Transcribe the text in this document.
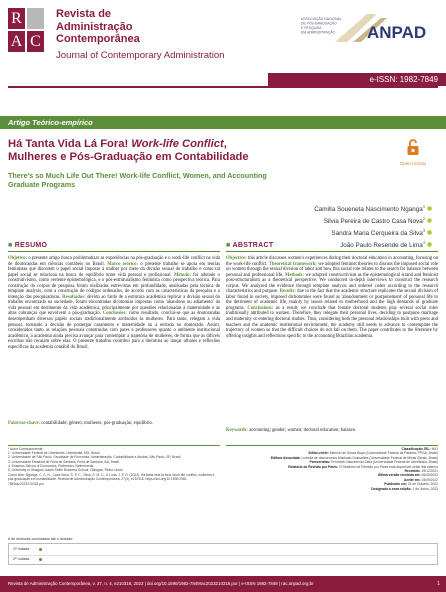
R
A C
Revista de
Administração
Contemporânea
Journal of Contemporary Administration
ASSOCIAÇÃO NACIONAL
DE PÓS-GRADUAÇÃO
E PESQUISA
EM ADMINISTRAÇÃO ANPAD
e-ISSN: 1982-7849
Artigo Teórico-empírico
Há Tanta Vida Lá Fora! Work-life Conflict,
Mulheres e Pós-Graduação em Contabilidade
Open Access
There's so Much Life Out There! Work-life Conflict, Women, and Accounting
Graduate Programs
Camilla Soueneta Nascimento Nganga$^1$
Silvia Pereira de Castro Casa Nova$^2$
Sandra Maria Cerqueira da Silva$^3$
João Paulo Resende de Lima$^4$
■ RESUMO
Objetivo: o presente artigo busca problematizar as experiências na pós-graduação e o work-life conflict na vida de doutorandas em ciências contábeis no Brasil. Marco teórico: o presente trabalho se apoia em teorias feministas que discutem o papel social imposto à mulher por meio da divisão sexual do trabalho e como tal papel social se relaciona na busca do equilíbrio entre vida pessoal e profissional. Método: foi adotado o construtivismo, como vertente epistemológica, e o pós-estruturalismo feminista como perspectiva teórica. Para construção do corpus de pesquisa foram realizadas entrevistas em profundidade, analisadas pela técnica de template analysis, com a construção de códigos ordenados, de acordo com as características da pesquisa e a intenção das pesquisadoras. Resultados: devido ao fardo de a estrutura acadêmica replicar a divisão sexual do trabalho encontrado na sociedade, foram encontradas dicotomias impostas como 'abandono ou adiamento' da vida pessoal em detrimento da vida acadêmica, principalmente por questões relacionadas à maternidade e às altas cobranças que envolvem a pós-graduação. Conclusões: como resultado, conclui-se que as doutorandas desempenham diversos papéis sociais tradicionalmente atribuídos às mulheres. Para tanto, relegam a vida pessoal, tornando a decisão de postergar casamento e maternidade ou a entrada no doutorado. Assim, considerados tanto as relações pessoais construídas com pares e professores quanto o ambiente institucional acadêmico, a academia ainda precisa avançar para contemplar a trajetória de mulheres, de forma que as difíceis escolhas não recaiam sobre elas. O presente trabalho contribui para a literatura ao lançar olhares e reflexões específicas da academia contábil do Brasil.
Palavras-chave: contabilidade; gênero; mulheres; pós-graduação; equilíbrio.
■ ABSTRACT
Objective: this article discusses women's experiences during their doctoral education in accounting, focusing on the work-life conflict. Theoretical framework: we adopted feminist theories to discuss the imposed social role on women through the sexual division of labor and how this social role relates to the search for balance between personal and professional life. Methods: we adopted constructivism as the epistemological strand and feminist post-structuralism as a theoretical perspective. We conducted in-depth interviews to construct the research corpus. We analyzed the evidence through template analysis and ordered codes according to the research characteristics and purpose. Results: due to the fact that the academic structure replicates the sexual division of labor found in society, imposed dichotomies were found as 'abandonment or postponement' of personal life to the detriment of academic life, mainly by issues related to motherhood and the high demands of graduate programs. Conclusions: as a result, we conclude that female doctoral students play several social roles traditionally attributed to women. Therefore, they relegate their personal lives, deciding to postpone marriage and maternity or entering doctoral studies. Thus, considering both the personal relationships built with peers and teachers and the academic institutional environment, the academy still needs to advance to contemplate the trajectory of women so that the difficult choices do not fall on them. The paper contributes to the literature by offering insights and reflections specific to the accounting Brazilian academia.
Keywords: accounting; gender; women; doctoral education; balance.
* Autor Correspondente.
1. Universidade Federal de Uberlândia, Uberlândia, MG, Brasil.
2. Universidade de São Paulo, Faculdade de Economia, Administração, Contabilidade e Atuária, São Paulo, SP, Brasil.
3. Universidade Estadual de Feira de Santana, Feira de Santana, BA, Brasil.
4. Erasmus School of Economics, Rotterdam, Netherlands.
5. University of Glasgow, Adam Smith Business School, Glasgow, Reino Unido.
Como citar: Nganga, C. S. N., Casa Nova, S. P. C., Silva, S. M. C., & Lima, J. P. R. (2023). Há tanta vida lá fora! Work-life conflict, mulheres e pós-graduação em contabilidade. Revista de Administração Contemporânea, 27(4), e210318. https://doi.org/10.1590/1982-7849rac2023210318.por
Classificação JEL: M41
Editor-chefe: Marcelo de Souza Bispo (Universidade Federal da Paraíba, PPGA, Brasil)
Editora Associada: Ludmila de Vasconcelos Machado Guimarães (Universidade Federal de Minas Gerais, Brasil)
Pareceristas: Fernando Nascimento Zatta (Universidade Federal de Uberlândia, Brasil)
Relatório de Revisão por Pares: O Relatório de Revisão por Pares está disponível neste link externo
Recebido: 15/12/2021
Última versão recebida em: 06/09/2022
Aceite em: 15/09/2022
Publicado em: 24 de Outubro, 2022
Designado a essa edição: 1 de Junho, 2023
# de revisores convidados até o decisão:
1ª rodada
2ª rodada
Revista de Administração Contemporânea, v. 27, n. 4, e210318, 2023 | doi.org/10.1590/1982-7849rac2023210318.por | e-ISSN 1982-7849 | rac.anpad.org.br	1
